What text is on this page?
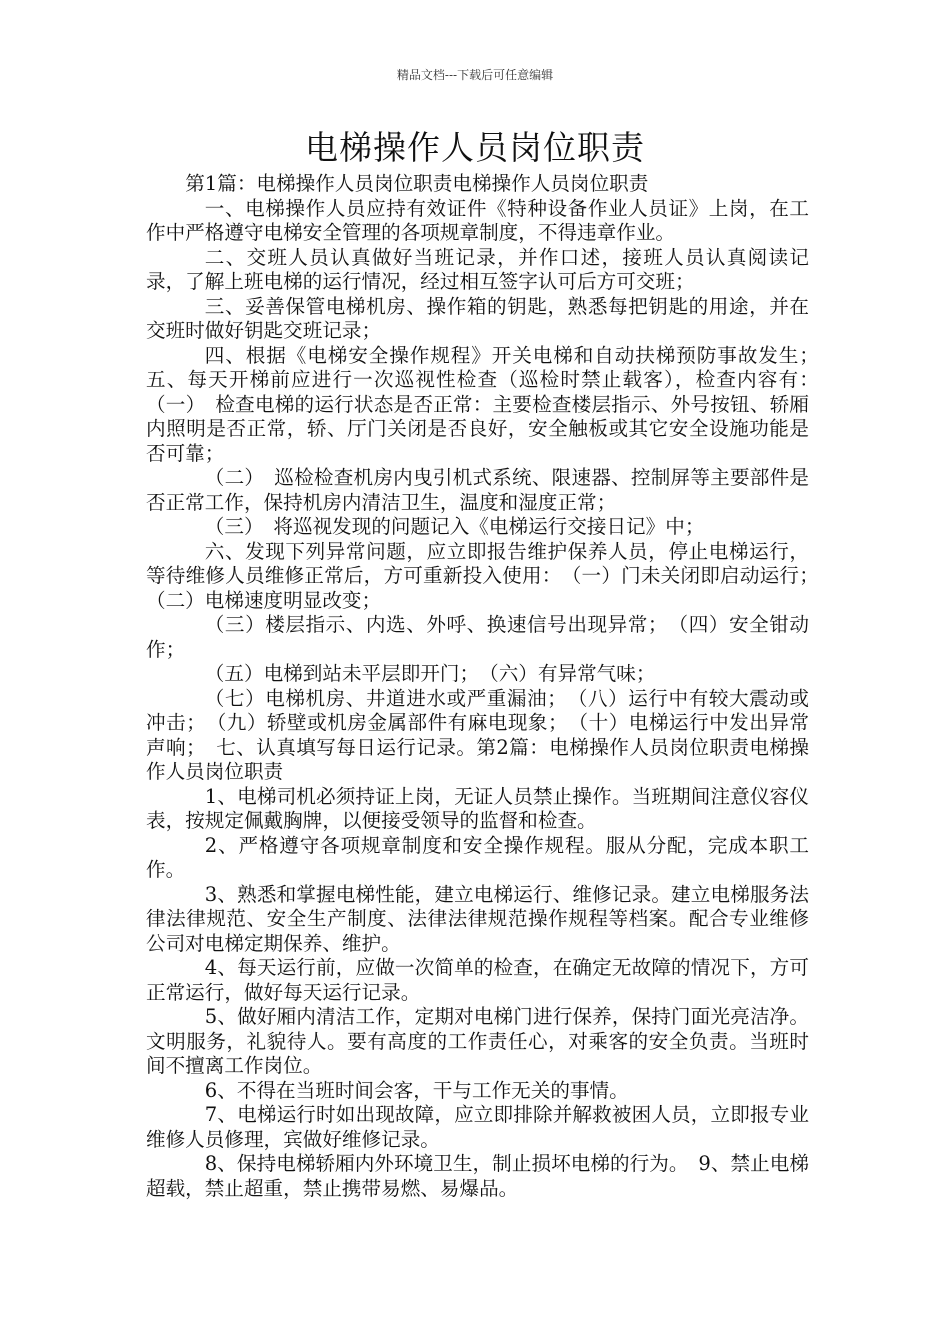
精品文档---下载后可任意编辑
电梯操作人员岗位职责

第1篇：电梯操作人员岗位职责电梯操作人员岗位职责

一、电梯操作人员应持有效证件《特种设备作业人员证》上岗，在工作中严格遵守电梯安全管理的各项规章制度，不得违章作业。

二、交班人员认真做好当班记录，并作口述，接班人员认真阅读记录，了解上班电梯的运行情况，经过相互签字认可后方可交班；

三、妥善保管电梯机房、操作箱的钥匙，熟悉每把钥匙的用途，并在交班时做好钥匙交班记录；

四、根据《电梯安全操作规程》开关电梯和自动扶梯预防事故发生；　五、每天开梯前应进行一次巡视性检查（巡检时禁止载客），检查内容有：　（一）　检查电梯的运行状态是否正常：主要检查楼层指示、外号按钮、轿厢内照明是否正常，轿、厅门关闭是否良好，安全触板或其它安全设施功能是否可靠；

（二）　巡检检查机房内曳引机式系统、限速器、控制屏等主要部件是否正常工作，保持机房内清洁卫生，温度和湿度正常；

（三）　将巡视发现的问题记入《电梯运行交接日记》中；

六、发现下列异常问题，应立即报告维护保养人员，停止电梯运行，等待维修人员维修正常后，方可重新投入使用：　（一）门未关闭即启动运行；　（二）电梯速度明显改变；

（三）楼层指示、内选、外呼、换速信号出现异常；　（四）安全钳动作；

（五）电梯到站未平层即开门；　（六）有异常气味；

（七）电梯机房、井道进水或严重漏油；　（八）运行中有较大震动或冲击；　（九）轿壁或机房金属部件有麻电现象；　（十）电梯运行中发出异常声响；　七、认真填写每日运行记录。第2篇：电梯操作人员岗位职责电梯操作人员岗位职责

1、电梯司机必须持证上岗，无证人员禁止操作。当班期间注意仪容仪表，按规定佩戴胸牌，以便接受领导的监督和检查。

2、严格遵守各项规章制度和安全操作规程。服从分配，完成本职工作。

3、熟悉和掌握电梯性能，建立电梯运行、维修记录。建立电梯服务法律法律规范、安全生产制度、法律法律规范操作规程等档案。配合专业维修公司对电梯定期保养、维护。

4、每天运行前，应做一次简单的检查，在确定无故障的情况下，方可正常运行，做好每天运行记录。

5、做好厢内清洁工作，定期对电梯门进行保养，保持门面光亮洁净。文明服务，礼貌待人。要有高度的工作责任心，对乘客的安全负责。当班时间不擅离工作岗位。

6、不得在当班时间会客，干与工作无关的事情。

7、电梯运行时如出现故障，应立即排除并解救被困人员，立即报专业维修人员修理，宾做好维修记录。

8、保持电梯轿厢内外环境卫生，制止损坏电梯的行为。　9、禁止电梯超载，禁止超重，禁止携带易燃、易爆品。
